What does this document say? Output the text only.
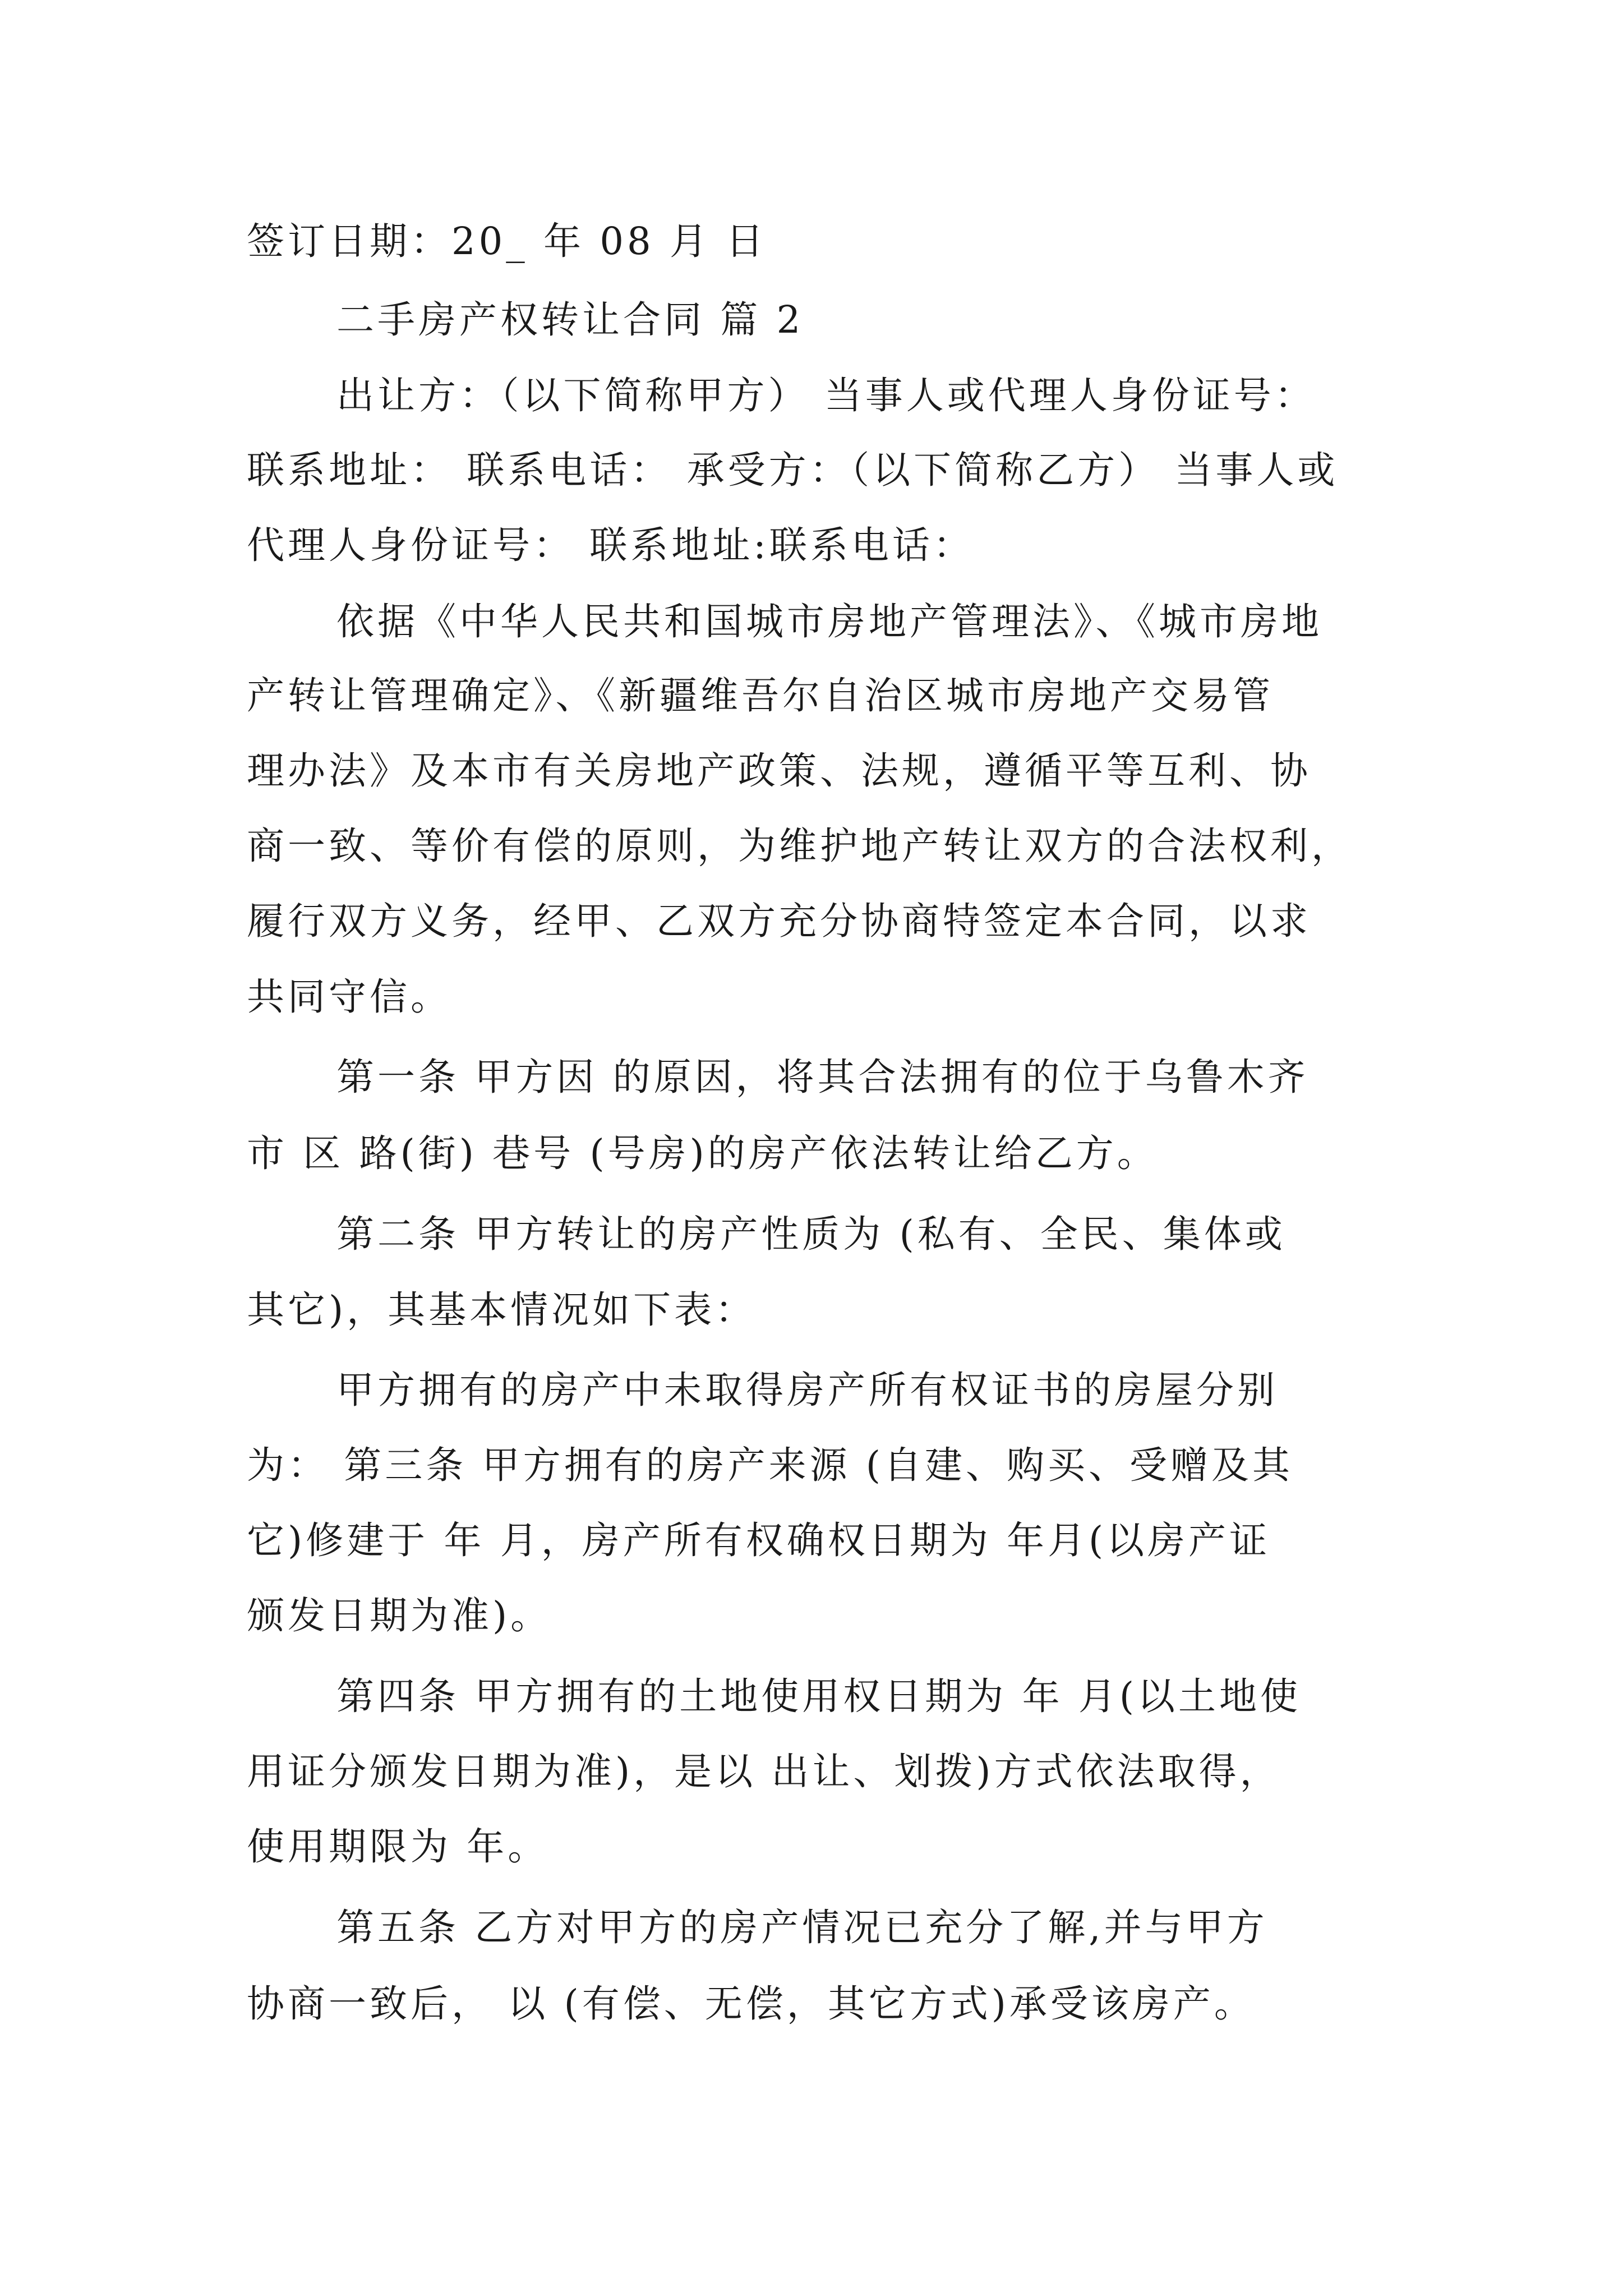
签订日期：20_ 年 08 月 日
二手房产权转让合同 篇 2
出让方：（以下简称甲方） 当事人或代理人身份证号：
联系地址： 联系电话： 承受方：（以下简称乙方） 当事人或
代理人身份证号： 联系地址:联系电话：
依据《中华人民共和国城市房地产管理法》、《城市房地
产转让管理确定》、《新疆维吾尔自治区城市房地产交易管
理办法》及本市有关房地产政策、法规，遵循平等互利、协
商一致、等价有偿的原则，为维护地产转让双方的合法权利，
履行双方义务，经甲、乙双方充分协商特签定本合同，以求
共同守信。
第一条 甲方因 的原因，将其合法拥有的位于乌鲁木齐
市 区 路(街) 巷号 (号房)的房产依法转让给乙方。
第二条 甲方转让的房产性质为 (私有、全民、集体或
其它)，其基本情况如下表：
甲方拥有的房产中未取得房产所有权证书的房屋分别
为： 第三条 甲方拥有的房产来源 (自建、购买、受赠及其
它)修建于 年 月，房产所有权确权日期为 年月(以房产证
颁发日期为准)。
第四条 甲方拥有的土地使用权日期为 年 月(以土地使
用证分颁发日期为准)，是以 出让、划拨)方式依法取得，
使用期限为 年。
第五条 乙方对甲方的房产情况已充分了解,并与甲方
协商一致后， 以 (有偿、无偿，其它方式)承受该房产。
